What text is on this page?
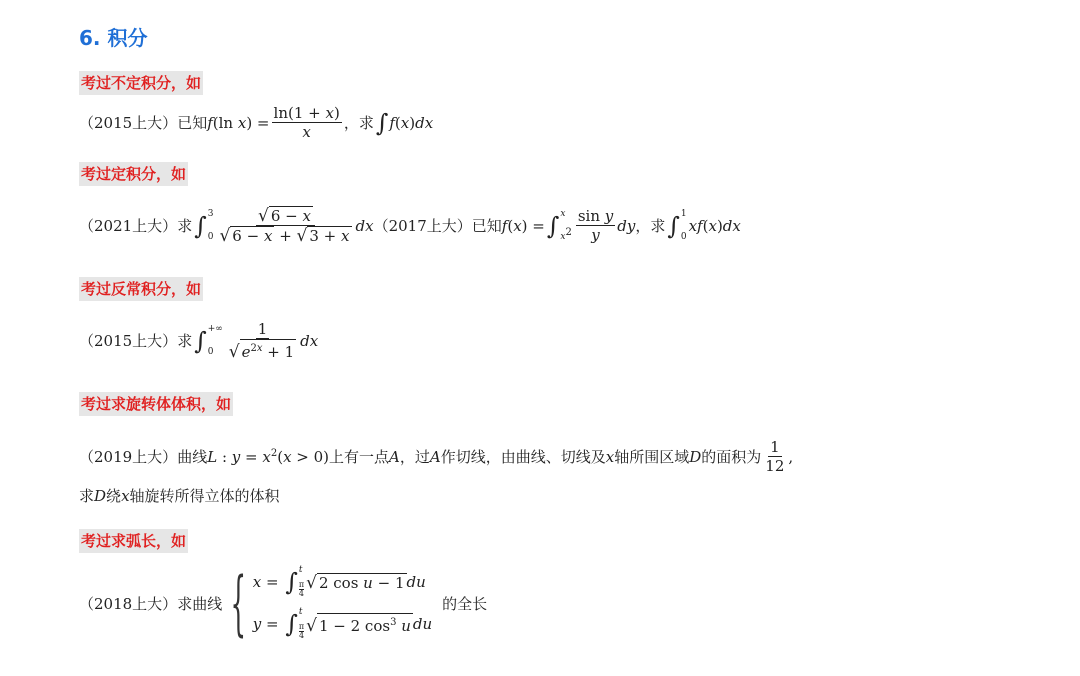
6. 积分
考过不定积分，如
（2015上大） 已知 f(ln $x) = \frac{\ln(1 + x)}{x}$ ，求 ∫ f(x)dx
考过定积分，如
（2021上大） 求 ∫ 3
$0 \frac{√ 6 - x}{√ 6 - x + √ 3 + x}$ dx （2017上大） 已知 f(x) = ∫ x
$x^2 \frac{\text{sin y}}{y}$ dy ，求 ∫ 1
0
xf(x)dx
考过反常积分，如
（2015上大） 求 ∫ +∞
$0 \frac{1}{√ e^{2x} + 1}$ dx
考过求旋转体体积，如
（2019上大） 曲线 L : $y = x^2(x > 0)$ 上有一点 A ，过 A 作切线，由曲线、切线及 x 轴所围区域 D 的面积为 $\frac{1}{12}$ ,
求 D 绕 x 轴旋转所得立体的体积
考过求弧长，如
（2018上大） 求曲线 { x = ∫ t
π
4
√ 2 cos u − 1 du
y = ∫ t
π
4 √ 1 − 2 $\cos^3 u$ du
的全长
